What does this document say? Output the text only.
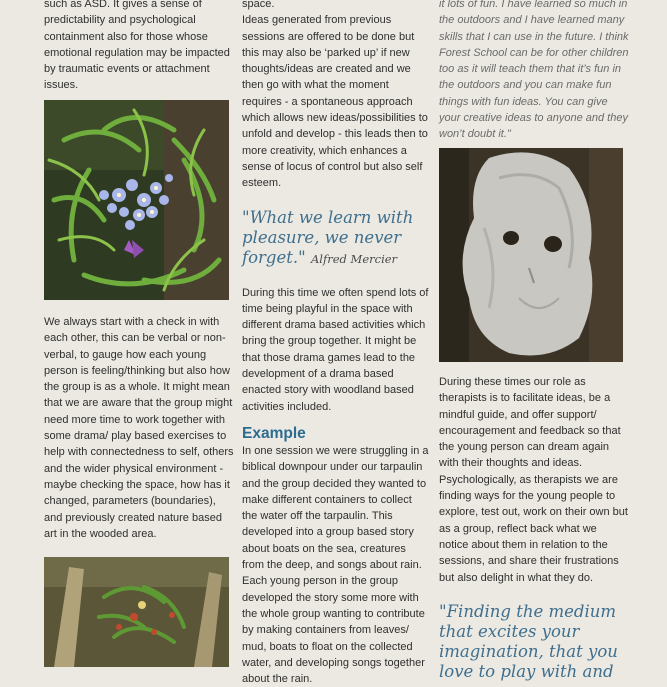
such as ASD. It gives a sense of predictability and psychological containment also for those whose emotional regulation may be impacted by traumatic events or attachment issues.

We always start with a check in with each other, this can be verbal or non-verbal, to gauge how each young person is feeling/thinking but also how the group is as a whole. It might mean that we are aware that the group might need more time to work together with some drama/ play based exercises to help with connectedness to self, others and the wider physical environment - maybe checking the space, how has it changed, parameters (boundaries), and previously created nature based art in the wooded area.

space.

Ideas generated from previous sessions are offered to be done but this may also be ‘parked up’ if new thoughts/ideas are created and we then go with what the moment requires - a spontaneous approach which allows new ideas/possibilities to unfold and develop - this leads then to more creativity, which enhances a sense of locus of control but also self esteem.

"What we learn with pleasure, we never forget." Alfred Mercier

During this time we often spend lots of time being playful in the space with different drama based activities which bring the group together. It might be that those drama games lead to the development of a drama based enacted story with woodland based activities included.

Example

In one session we were struggling in a biblical downpour under our tarpaulin and the group decided they wanted to make different containers to collect the water off the tarpaulin. This developed into a group based story about boats on the sea, creatures from the deep, and songs about rain. Each young person in the group developed the story some more with the whole group wanting to contribute by making containers from leaves/ mud, boats to float on the collected water, and developing songs together about the rain.

it lots of fun. I have learned so much in the outdoors and I have learned many skills that I can use in the future. I think Forest School can be for other children too as it will teach them that it’s fun in the outdoors and you can make fun things with fun ideas. You can give your creative ideas to anyone and they won’t doubt it."

During these times our role as therapists is to facilitate ideas, be a mindful guide, and offer support/ encouragement and feedback so that the young person can dream again with their thoughts and ideas. Psychologically, as therapists we are finding ways for the young people to explore, test out, work on their own but as a group, reflect back what we notice about them in relation to the sessions, and share their frustrations but also delight in what they do.

"Finding the medium that excites your imagination, that you love to play with and
